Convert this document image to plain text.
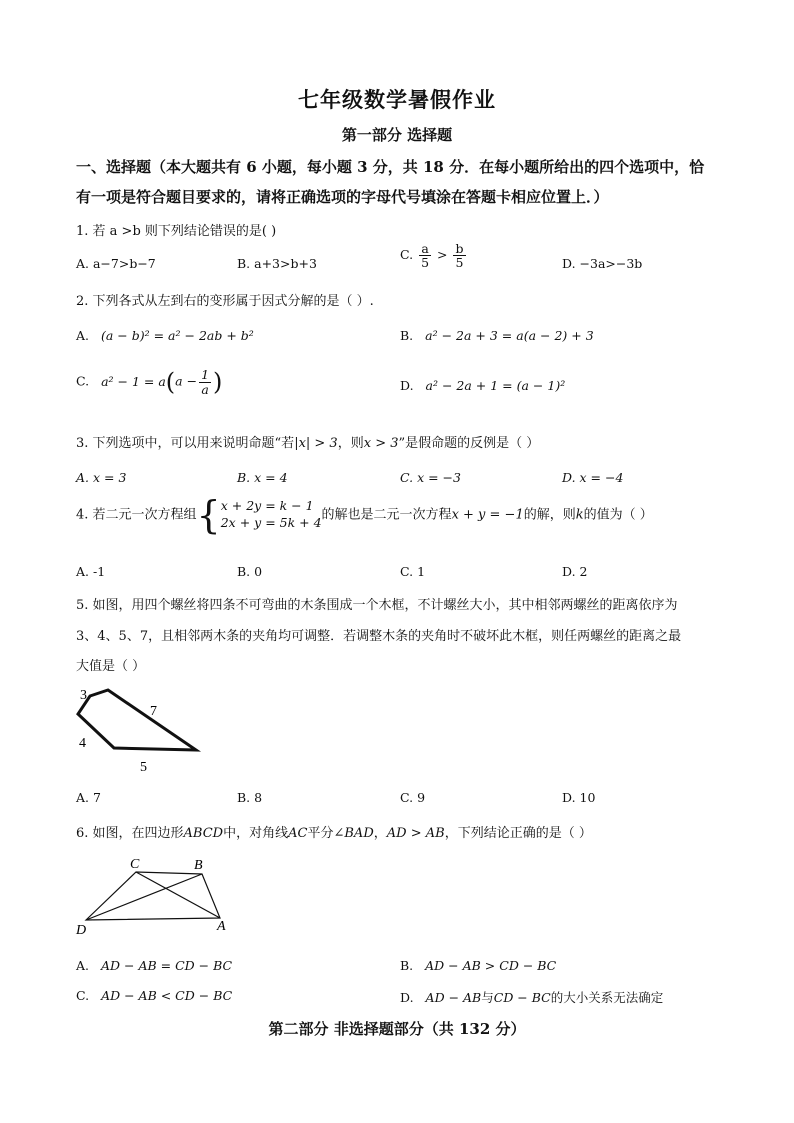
七年级数学暑假作业
第一部分 选择题
一、选择题（本大题共有 6 小题，每小题 3 分，共 18 分．在每小题所给出的四个选项中，恰
有一项是符合题目要求的，请将正确选项的字母代号填涂在答题卡相应位置上．）
1. 若 a >b 则下列结论错误的是( )
A. a−7>b−7	B. a+3>b+3
C. $\frac{a}{5} > \frac{b}{5}$	D. −3a>−3b
2. 下列各式从左到右的变形属于因式分解的是（ ）.
A. (a − b)² = a² − 2ab + b²	B. a² − 2a + 3 = a(a − 2) + 3
C. $a^2 - 1 = a(a - \frac{1}{a}$ )	D. a² − 2a + 1 = (a − 1)²
3. 下列选项中，可以用来说明命题“若|x| > 3，则x > 3”是假命题的反例是（ ）
A. x = 3	B. x = 4	C. x = −3	D. x = −4
4. 若二元一次方程组{ x + 2y = k − 1
2x + y = 5k + 4 的解也是二元一次方程x + y = −1的解，则k的值为（ ）
A. -1	B. 0	C. 1	D. 2
5. 如图，用四个螺丝将四条不可弯曲的木条围成一个木框，不计螺丝大小，其中相邻两螺丝的距离依序为
3、4、5、7，且相邻两木条的夹角均可调整．若调整木条的夹角时不破坏此木框，则任两螺丝的距离之最
大值是（ ）
3
7
4
5
A. 7	B. 8	C. 9	D. 10
6. 如图，在四边形ABCD中，对角线AC平分∠BAD，AD > AB，下列结论正确的是（ ）
C	B
D	A
A. AD − AB = CD − BC	B. AD − AB > CD − BC
C. AD − AB < CD − BC	D. AD − AB与CD − BC的大小关系无法确定
第二部分 非选择题部分（共 132 分）
